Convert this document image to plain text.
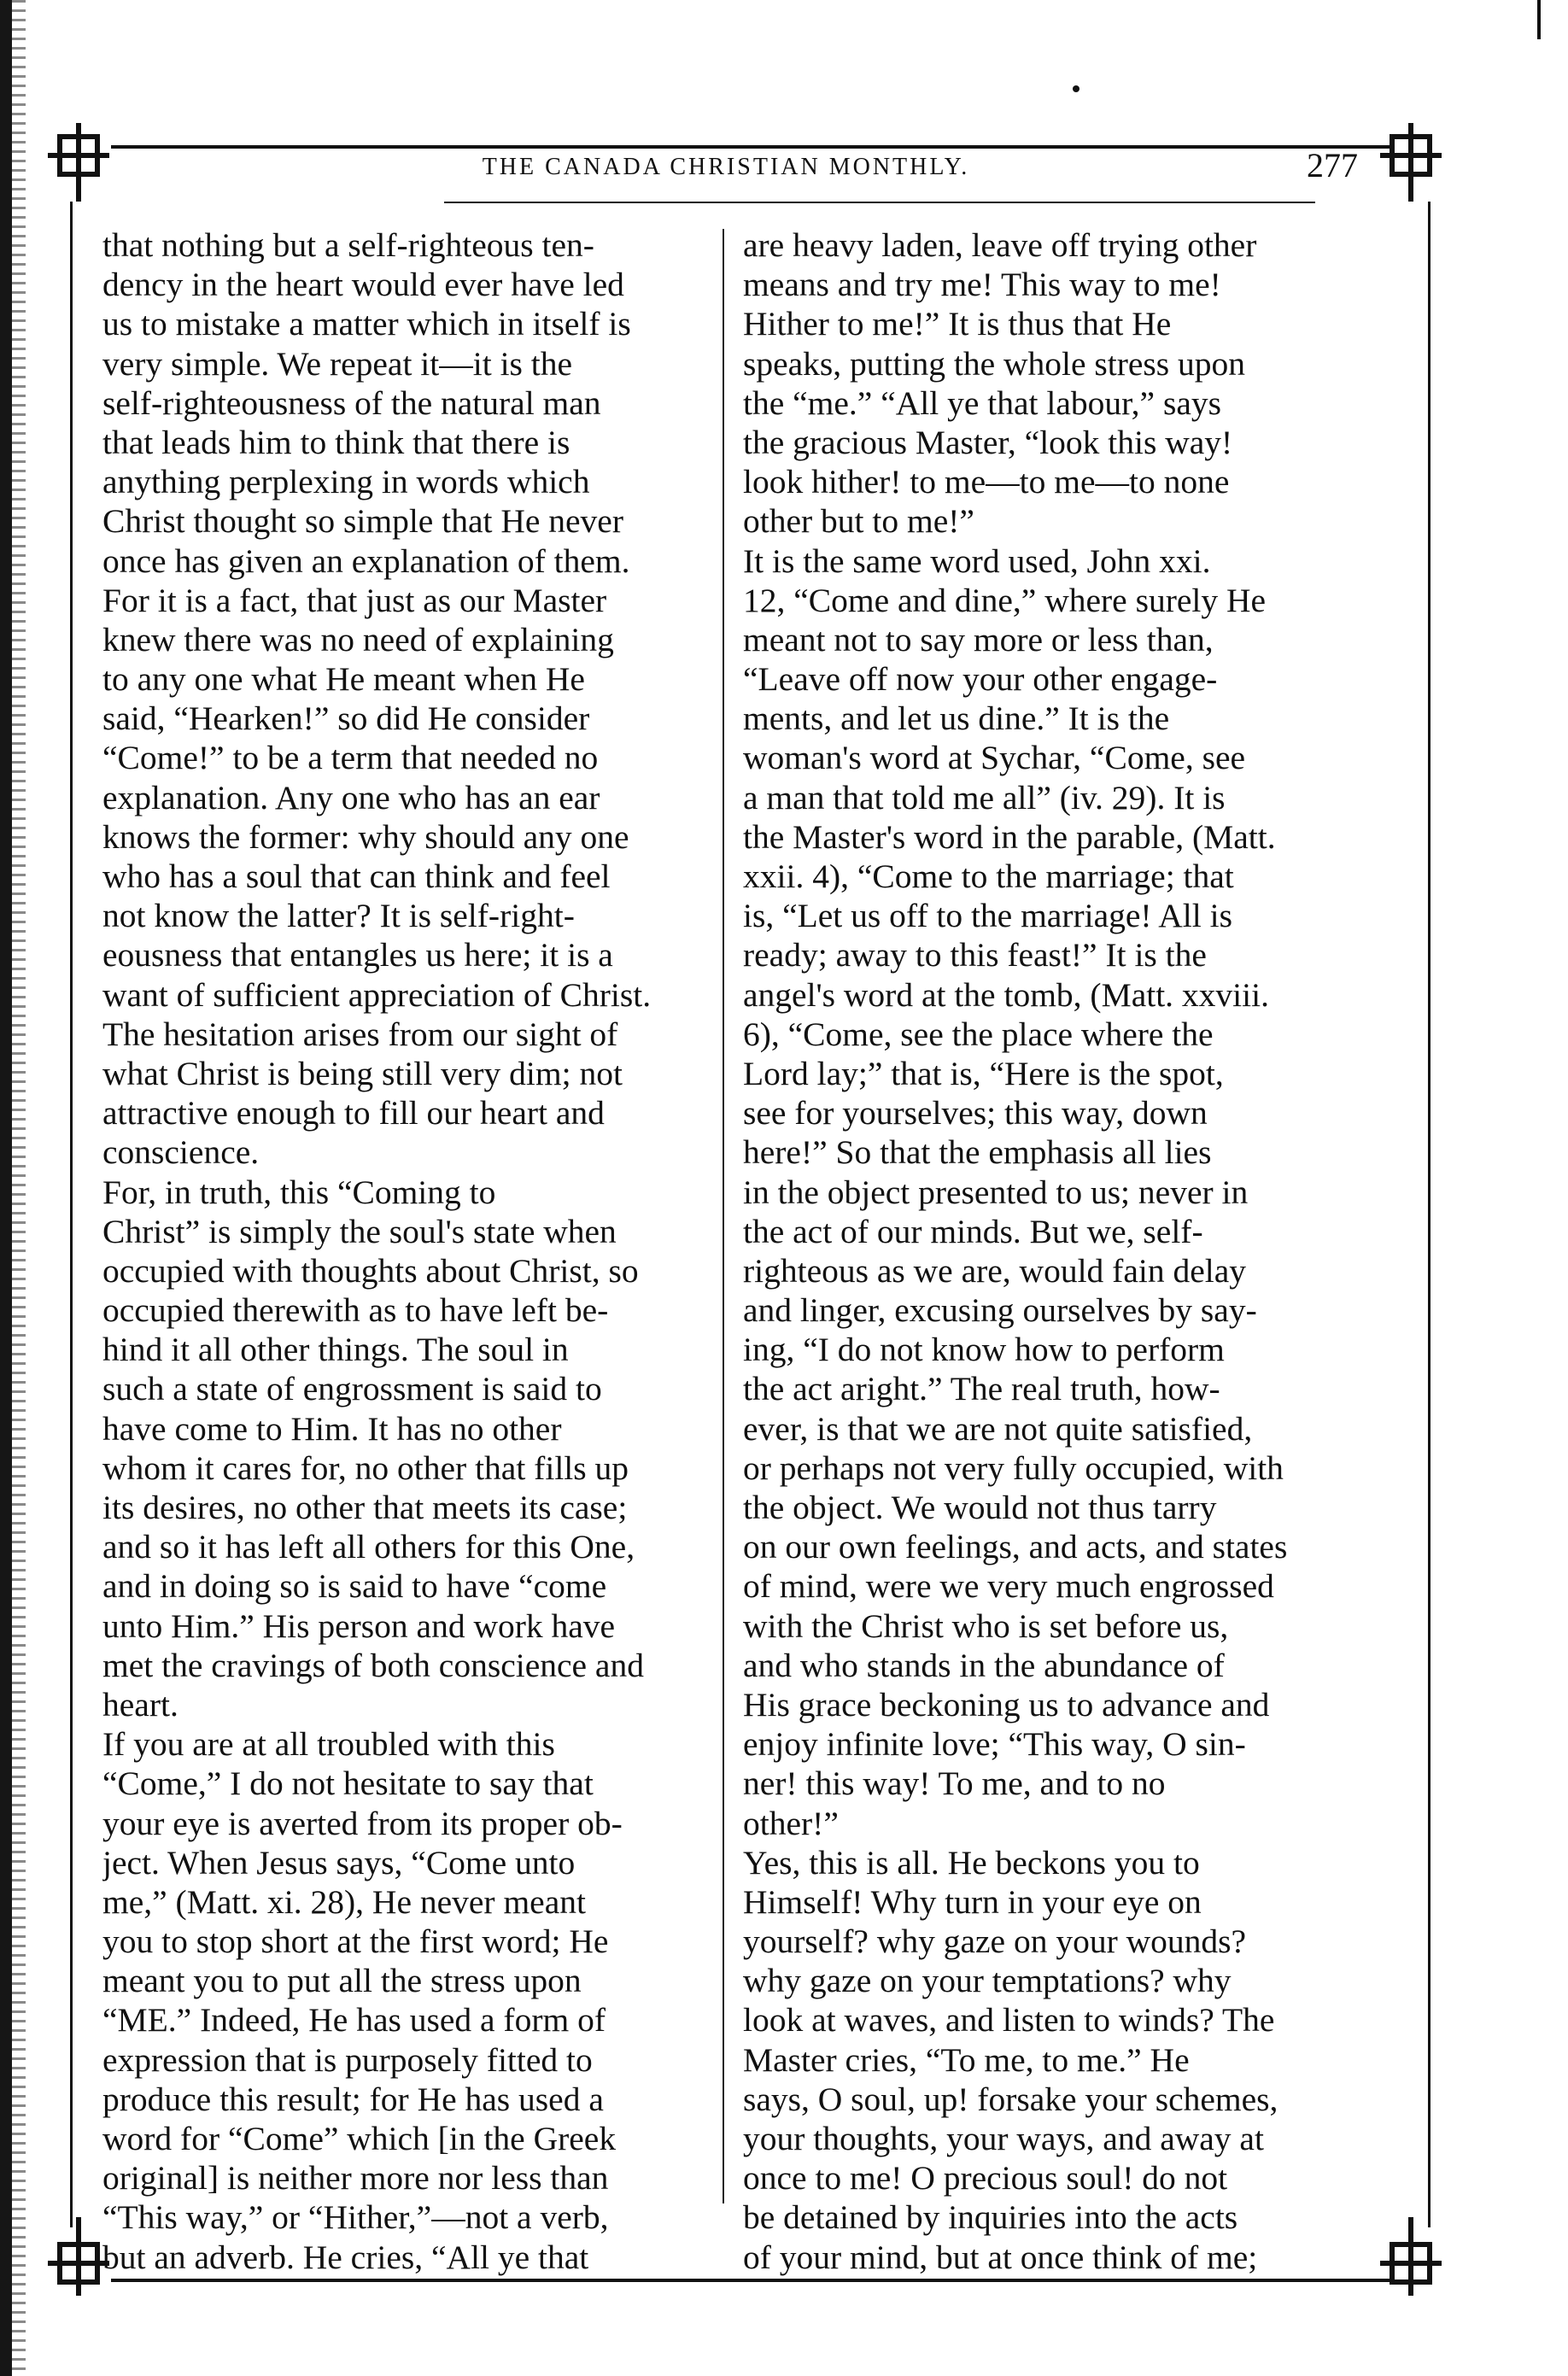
THE CANADA CHRISTIAN MONTHLY.	277
that nothing but a self-righteous ten-
dency in the heart would ever have led
us to mistake a matter which in itself is
very simple. We repeat it—it is the
self-righteousness of the natural man
that leads him to think that there is
anything perplexing in words which
Christ thought so simple that He never
once has given an explanation of them.
For it is a fact, that just as our Master
knew there was no need of explaining
to any one what He meant when He
said, “Hearken!” so did He consider
“Come!” to be a term that needed no
explanation. Any one who has an ear
knows the former: why should any one
who has a soul that can think and feel
not know the latter? It is self-right-
eousness that entangles us here; it is a
want of sufficient appreciation of Christ.
The hesitation arises from our sight of
what Christ is being still very dim; not
attractive enough to fill our heart and
conscience.
For, in truth, this “Coming to
Christ” is simply the soul's state when
occupied with thoughts about Christ, so
occupied therewith as to have left be-
hind it all other things. The soul in
such a state of engrossment is said to
have come to Him. It has no other
whom it cares for, no other that fills up
its desires, no other that meets its case;
and so it has left all others for this One,
and in doing so is said to have “come
unto Him.” His person and work have
met the cravings of both conscience and
heart.
If you are at all troubled with this
“Come,” I do not hesitate to say that
your eye is averted from its proper ob-
ject. When Jesus says, “Come unto
me,” (Matt. xi. 28), He never meant
you to stop short at the first word; He
meant you to put all the stress upon
“ME.” Indeed, He has used a form of
expression that is purposely fitted to
produce this result; for He has used a
word for “Come” which [in the Greek
original] is neither more nor less than
“This way,” or “Hither,”—not a verb,
but an adverb. He cries, “All ye that
are heavy laden, leave off trying other
means and try me! This way to me!
Hither to me!” It is thus that He
speaks, putting the whole stress upon
the “me.” “All ye that labour,” says
the gracious Master, “look this way!
look hither! to me—to me—to none
other but to me!”
It is the same word used, John xxi.
12, “Come and dine,” where surely He
meant not to say more or less than,
“Leave off now your other engage-
ments, and let us dine.” It is the
woman's word at Sychar, “Come, see
a man that told me all” (iv. 29). It is
the Master's word in the parable, (Matt.
xxii. 4), “Come to the marriage; that
is, “Let us off to the marriage! All is
ready; away to this feast!” It is the
angel's word at the tomb, (Matt. xxviii.
6), “Come, see the place where the
Lord lay;” that is, “Here is the spot,
see for yourselves; this way, down
here!” So that the emphasis all lies
in the object presented to us; never in
the act of our minds. But we, self-
righteous as we are, would fain delay
and linger, excusing ourselves by say-
ing, “I do not know how to perform
the act aright.” The real truth, how-
ever, is that we are not quite satisfied,
or perhaps not very fully occupied, with
the object. We would not thus tarry
on our own feelings, and acts, and states
of mind, were we very much engrossed
with the Christ who is set before us,
and who stands in the abundance of
His grace beckoning us to advance and
enjoy infinite love; “This way, O sin-
ner! this way! To me, and to no
other!”
Yes, this is all. He beckons you to
Himself! Why turn in your eye on
yourself? why gaze on your wounds?
why gaze on your temptations? why
look at waves, and listen to winds? The
Master cries, “To me, to me.” He
says, O soul, up! forsake your schemes,
your thoughts, your ways, and away at
once to me! O precious soul! do not
be detained by inquiries into the acts
of your mind, but at once think of me;
